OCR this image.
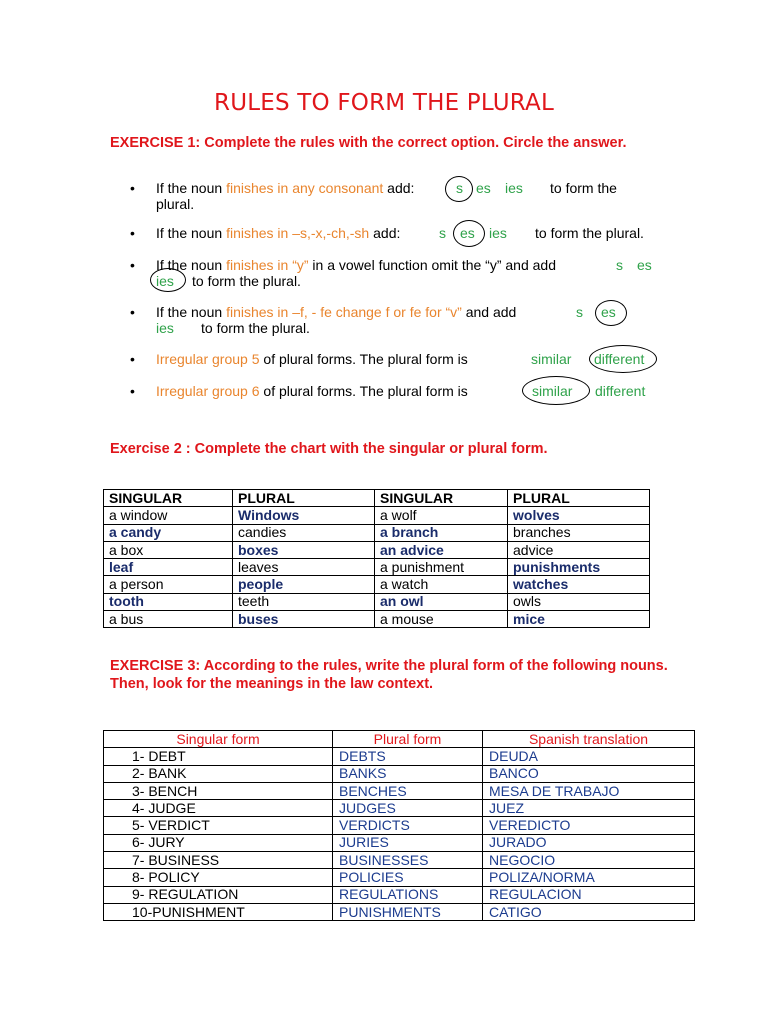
RULES TO FORM THE PLURAL
EXERCISE 1: Complete the rules with the correct option. Circle the answer.
• If the noun finishes in any consonant add:	s es ies to form the
plural.
• If the noun finishes in –s,-x,-ch,-sh add:	s es ies to form the plural.
• If the noun finishes in “y” in a vowel function omit the “y” and add	s es
ies to form the plural.
• If the noun finishes in –f, - fe change f or fe for “v” and add	s es
ies to form the plural.
• Irregular group 5 of plural forms. The plural form is	similar different
• Irregular group 6 of plural forms. The plural form is	similar different
Exercise 2 : Complete the chart with the singular or plural form.
SINGULAR	PLURAL	SINGULAR	PLURAL
a window	Windows	a wolf	wolves
a candy	candies	a branch	branches
a box	boxes	an advice	advice
leaf	leaves	a punishment	punishments
a person	people	a watch	watches
tooth	teeth	an owl	owls
a bus	buses	a mouse	mice
EXERCISE 3: According to the rules, write the plural form of the following nouns. Then, look for the meanings in the law context.
Singular form	Plural form	Spanish translation
1- DEBT	DEBTS	DEUDA
2- BANK	BANKS	BANCO
3- BENCH	BENCHES	MESA DE TRABAJO
4- JUDGE	JUDGES	JUEZ
5- VERDICT	VERDICTS	VEREDICTO
6- JURY	JURIES	JURADO
7- BUSINESS	BUSINESSES	NEGOCIO
8- POLICY	POLICIES	POLIZA/NORMA
9- REGULATION	REGULATIONS	REGULACION
10-PUNISHMENT	PUNISHMENTS	CATIGO
